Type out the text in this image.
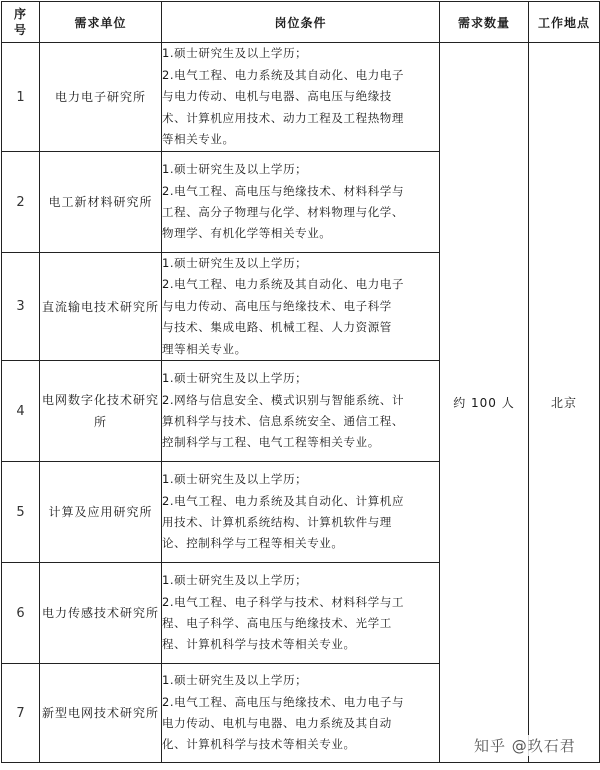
序
号	需求单位	岗位条件	需求数量	工作地点
1	电力电子研究所	1.硕士研究生及以上学历；
2.电气工程、电力系统及其自动化、电力电子
与电力传动、电机与电器、高电压与绝缘技
术、计算机应用技术、动力工程及工程热物理
等相关专业。	约 100 人	北京
2	电工新材料研究所	1.硕士研究生及以上学历；
2.电气工程、高电压与绝缘技术、材料科学与
工程、高分子物理与化学、材料物理与化学、
物理学、有机化学等相关专业。		

3	直流输电技术研究所	1.硕士研究生及以上学历；
2.电气工程、电力系统及其自动化、电力电子
与电力传动、高电压与绝缘技术、电子科学
与技术、集成电路、机械工程、人力资源管
理等相关专业。		

4	电网数字化技术研究所	1.硕士研究生及以上学历；
2.网络与信息安全、模式识别与智能系统、计
算机科学与技术、信息系统安全、通信工程、
控制科学与工程、电气工程等相关专业。		

5	计算及应用研究所	1.硕士研究生及以上学历；
2.电气工程、电力系统及其自动化、计算机应
用技术、计算机系统结构、计算机软件与理
论、控制科学与工程等相关专业。		

6	电力传感技术研究所	1.硕士研究生及以上学历；
2.电气工程、电子科学与技术、材料科学与工
程、电子科学、高电压与绝缘技术、光学工
程、计算机科学与技术等相关专业。		

7	新型电网技术研究所	1.硕士研究生及以上学历；
2.电气工程、高电压与绝缘技术、电力电子与
电力传动、电机与电器、电力系统及其自动
化、计算机科学与技术等相关专业。			知乎 @玖石君
